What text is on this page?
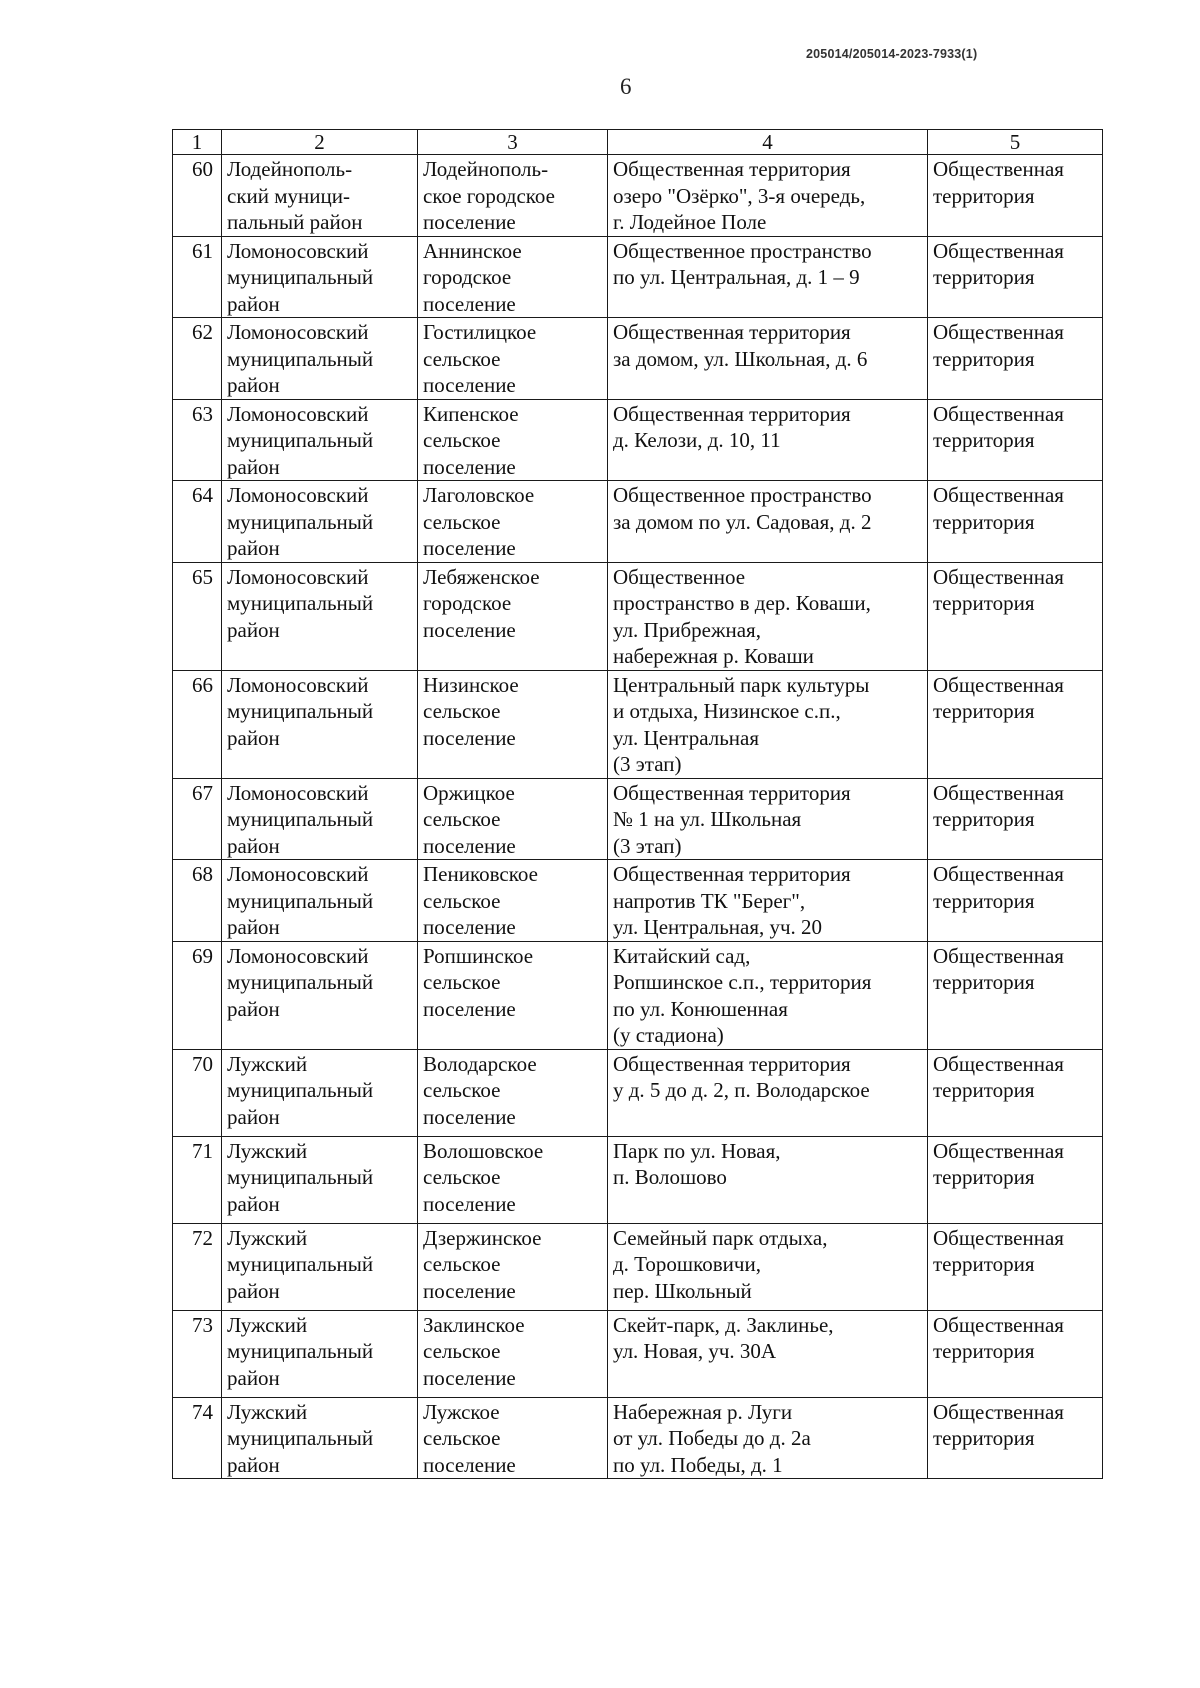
205014/205014-2023-7933(1)
6
1	2	3	4	5

60	Лодейнополь-
ский муници-
пальный район	Лодейнополь-
ское городское
поселение	Общественная территория
озеро "Озёрко", 3-я очередь,
г. Лодейное Поле	Общественная
территория

61	Ломоносовский
муниципальный
район	Аннинское
городское
поселение	Общественное пространство
по ул. Центральная, д. 1 – 9	Общественная
территория

62	Ломоносовский
муниципальный
район	Гостилицкое
сельское
поселение	Общественная территория
за домом, ул. Школьная, д. 6	Общественная
территория

63	Ломоносовский
муниципальный
район	Кипенское
сельское
поселение	Общественная территория
д. Келози, д. 10, 11	Общественная
территория

64	Ломоносовский
муниципальный
район	Лаголовское
сельское
поселение	Общественное пространство
за домом по ул. Садовая, д. 2	Общественная
территория

65	Ломоносовский
муниципальный
район	Лебяженское
городское
поселение	Общественное
пространство в дер. Коваши,
ул. Прибрежная,
набережная р. Коваши	Общественная
территория

66	Ломоносовский
муниципальный
район	Низинское
сельское
поселение	Центральный парк культуры
и отдыха, Низинское с.п.,
ул. Центральная
(3 этап)	Общественная
территория

67	Ломоносовский
муниципальный
район	Оржицкое
сельское
поселение	Общественная территория
№ 1 на ул. Школьная
(3 этап)	Общественная
территория

68	Ломоносовский
муниципальный
район	Пениковское
сельское
поселение	Общественная территория
напротив ТК "Берег",
ул. Центральная, уч. 20	Общественная
территория

69	Ломоносовский
муниципальный
район	Ропшинское
сельское
поселение	Китайский сад,
Ропшинское с.п., территория
по ул. Конюшенная
(у стадиона)	Общественная
территория

70	Лужский
муниципальный
район	Володарское
сельское
поселение	Общественная территория
у д. 5 до д. 2, п. Володарское	Общественная
территория

71	Лужский
муниципальный
район	Волошовское
сельское
поселение	Парк по ул. Новая,
п. Волошово	Общественная
территория

72	Лужский
муниципальный
район	Дзержинское
сельское
поселение	Семейный парк отдыха,
д. Торошковичи,
пер. Школьный	Общественная
территория

73	Лужский
муниципальный
район	Заклинское
сельское
поселение	Скейт-парк, д. Заклинье,
ул. Новая, уч. 30А	Общественная
территория

74	Лужский
муниципальный
район	Лужское
сельское
поселение	Набережная р. Луги
от ул. Победы до д. 2а
по ул. Победы, д. 1	Общественная
территория
